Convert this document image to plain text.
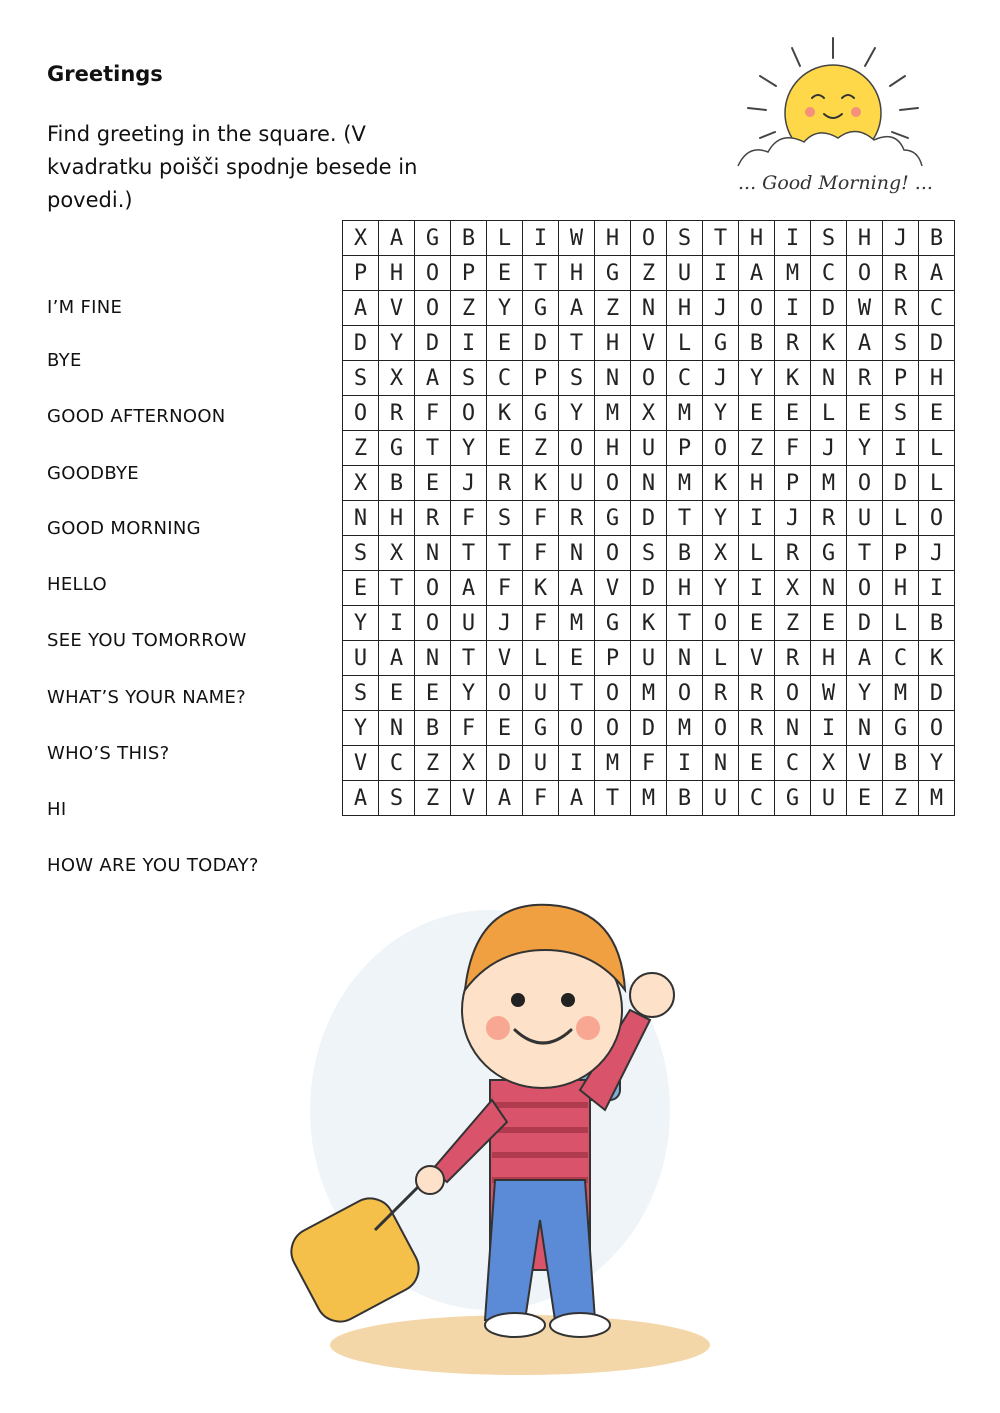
Greetings
Find greeting in the square. (V kvadratku poišči spodnje besede in povedi.)
I’M FINE
BYE
GOOD AFTERNOON
GOODBYE
GOOD MORNING
HELLO
SEE YOU TOMORROW
WHAT’S YOUR NAME?
WHO’S THIS?
HI
HOW ARE YOU TODAY?
X	A	G	B	L	I	W	H	O	S	T	H	I	S	H	J	B
P	H	O	P	E	T	H	G	Z	U	I	A	M	C	O	R	A
A	V	O	Z	Y	G	A	Z	N	H	J	O	I	D	W	R	C
D	Y	D	I	E	D	T	H	V	L	G	B	R	K	A	S	D
S	X	A	S	C	P	S	N	O	C	J	Y	K	N	R	P	H
O	R	F	O	K	G	Y	M	X	M	Y	E	E	L	E	S	E
Z	G	T	Y	E	Z	O	H	U	P	O	Z	F	J	Y	I	L
X	B	E	J	R	K	U	O	N	M	K	H	P	M	O	D	L
N	H	R	F	S	F	R	G	D	T	Y	I	J	R	U	L	O
S	X	N	T	T	F	N	O	S	B	X	L	R	G	T	P	J
E	T	O	A	F	K	A	V	D	H	Y	I	X	N	O	H	I
Y	I	O	U	J	F	M	G	K	T	O	E	Z	E	D	L	B
U	A	N	T	V	L	E	P	U	N	L	V	R	H	A	C	K
S	E	E	Y	O	U	T	O	M	O	R	R	O	W	Y	M	D
Y	N	B	F	E	G	O	O	D	M	O	R	N	I	N	G	O
V	C	Z	X	D	U	I	M	F	I	N	E	C	X	V	B	Y
A	S	Z	V	A	F	A	T	M	B	U	C	G	U	E	Z	M
... Good Morning! ...
